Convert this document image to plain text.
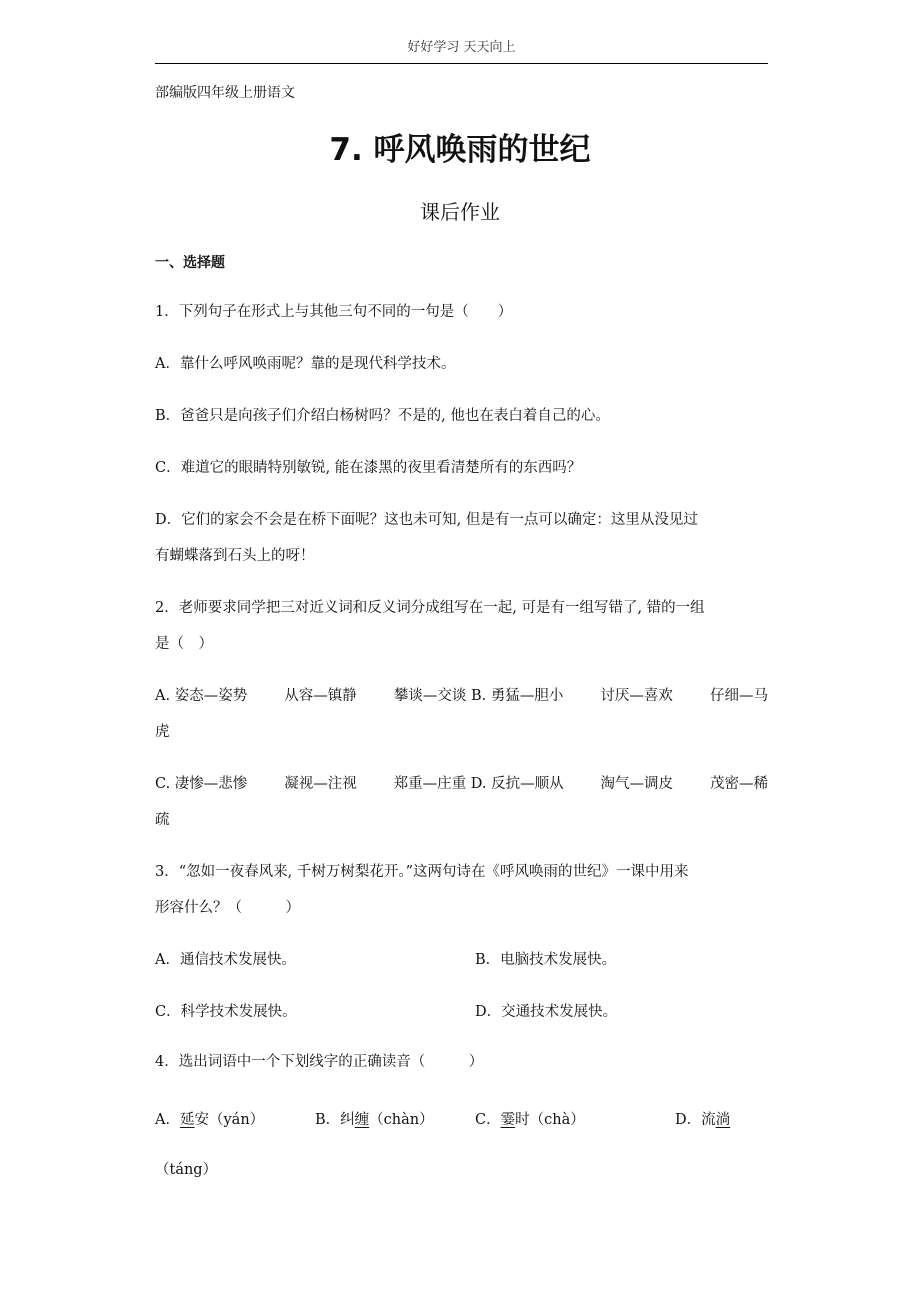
好好学习 天天向上
部编版四年级上册语文
7. 呼风唤雨的世纪
课后作业
一、选择题
1．下列句子在形式上与其他三句不同的一句是（　　）
A．靠什么呼风唤雨呢？靠的是现代科学技术。
B．爸爸只是向孩子们介绍白杨树吗？不是的, 他也在表白着自己的心。
C．难道它的眼睛特别敏锐, 能在漆黑的夜里看清楚所有的东西吗？
D．它们的家会不会是在桥下面呢？这也未可知, 但是有一点可以确定：这里从没见过
有蝴蝶落到石头上的呀！
2．老师要求同学把三对近义词和反义词分成组写在一起, 可是有一组写错了, 错的一组
是（　）
A. 姿态—姿势	从容—镇静	攀谈—交谈 B. 勇猛—胆小	讨厌—喜欢	仔细—马
虎
C. 凄惨—悲惨	凝视—注视	郑重—庄重 D. 反抗—顺从	淘气—调皮	茂密—稀
疏
3．“忽如一夜春风来, 千树万树梨花开。”这两句诗在《呼风唤雨的世纪》一课中用来
形容什么？（　　　）
A．通信技术发展快。	B．电脑技术发展快。
C．科学技术发展快。	D．交通技术发展快。
4．选出词语中一个下划线字的正确读音（　　　）
A．延安（yán）	B．纠缠（chàn）	C．霎时（chà）	D．流淌
（táng）
